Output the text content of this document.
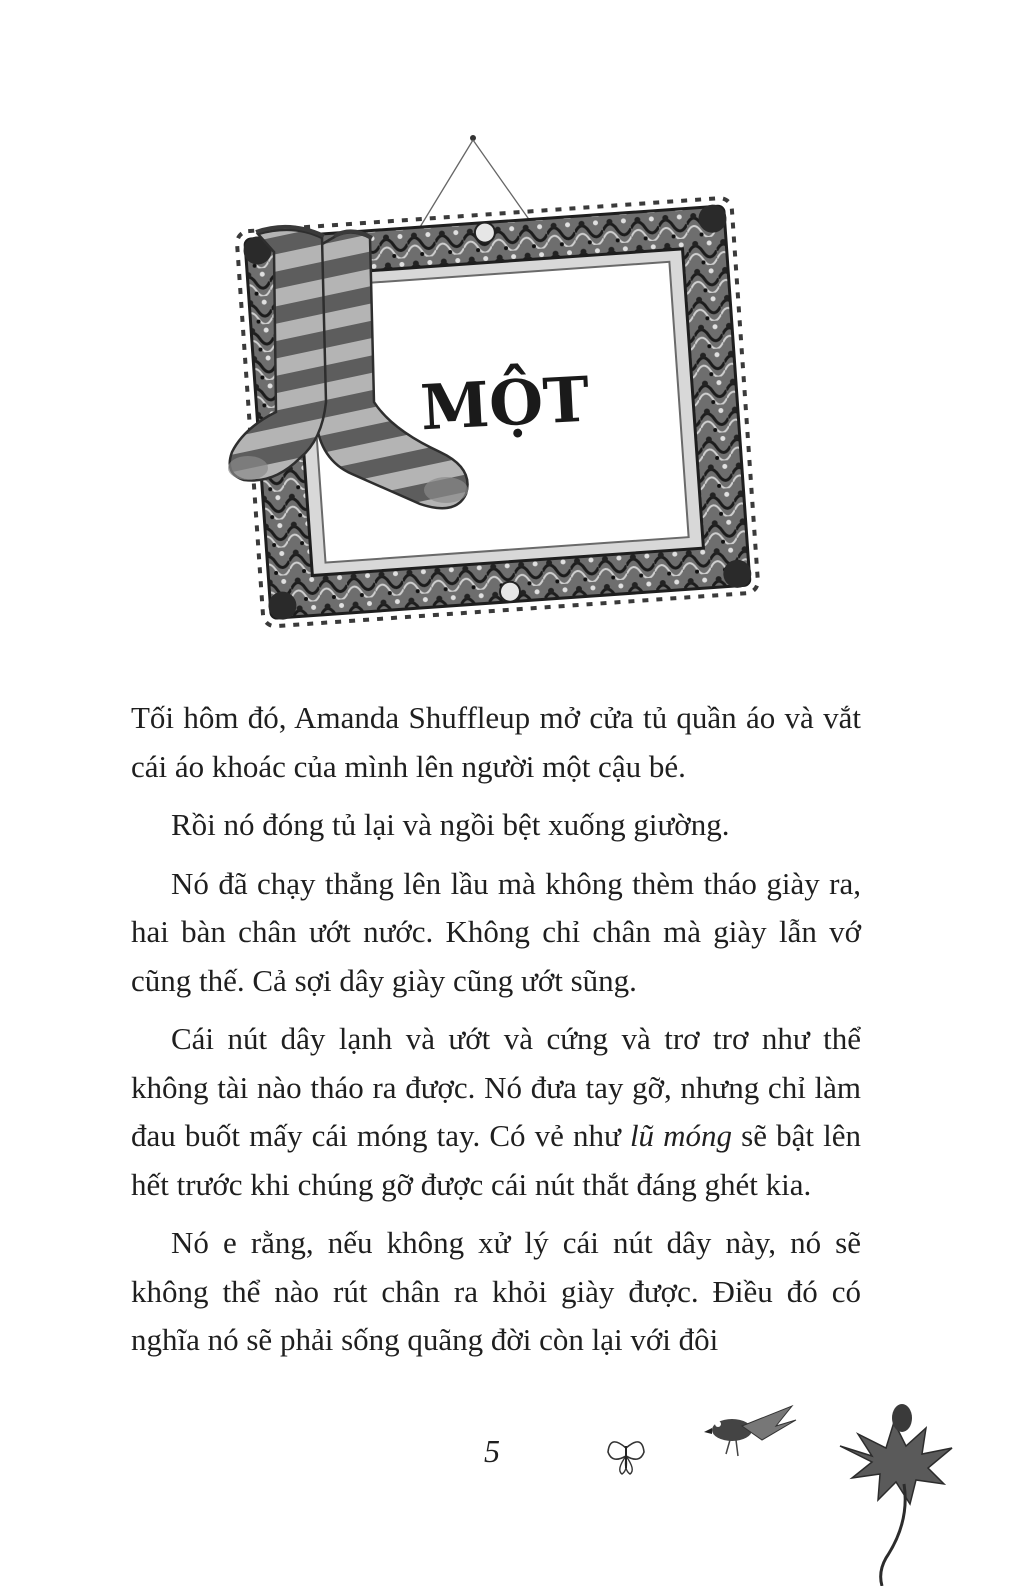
MỘT

Tối hôm đó, Amanda Shuffleup mở cửa tủ quần áo và vắt cái áo khoác của mình lên người một cậu bé.

Rồi nó đóng tủ lại và ngồi bệt xuống giường.

Nó đã chạy thẳng lên lầu mà không thèm tháo giày ra, hai bàn chân ướt nước. Không chỉ chân mà giày lẫn vớ cũng thế. Cả sợi dây giày cũng ướt sũng.

Cái nút dây lạnh và ướt và cứng và trơ trơ như thể không tài nào tháo ra được. Nó đưa tay gỡ, nhưng chỉ làm đau buốt mấy cái móng tay. Có vẻ như lũ móng sẽ bật lên hết trước khi chúng gỡ được cái nút thắt đáng ghét kia.

Nó e rằng, nếu không xử lý cái nút dây này, nó sẽ không thể nào rút chân ra khỏi giày được. Điều đó có nghĩa nó sẽ phải sống quãng đời còn lại với đôi

5
